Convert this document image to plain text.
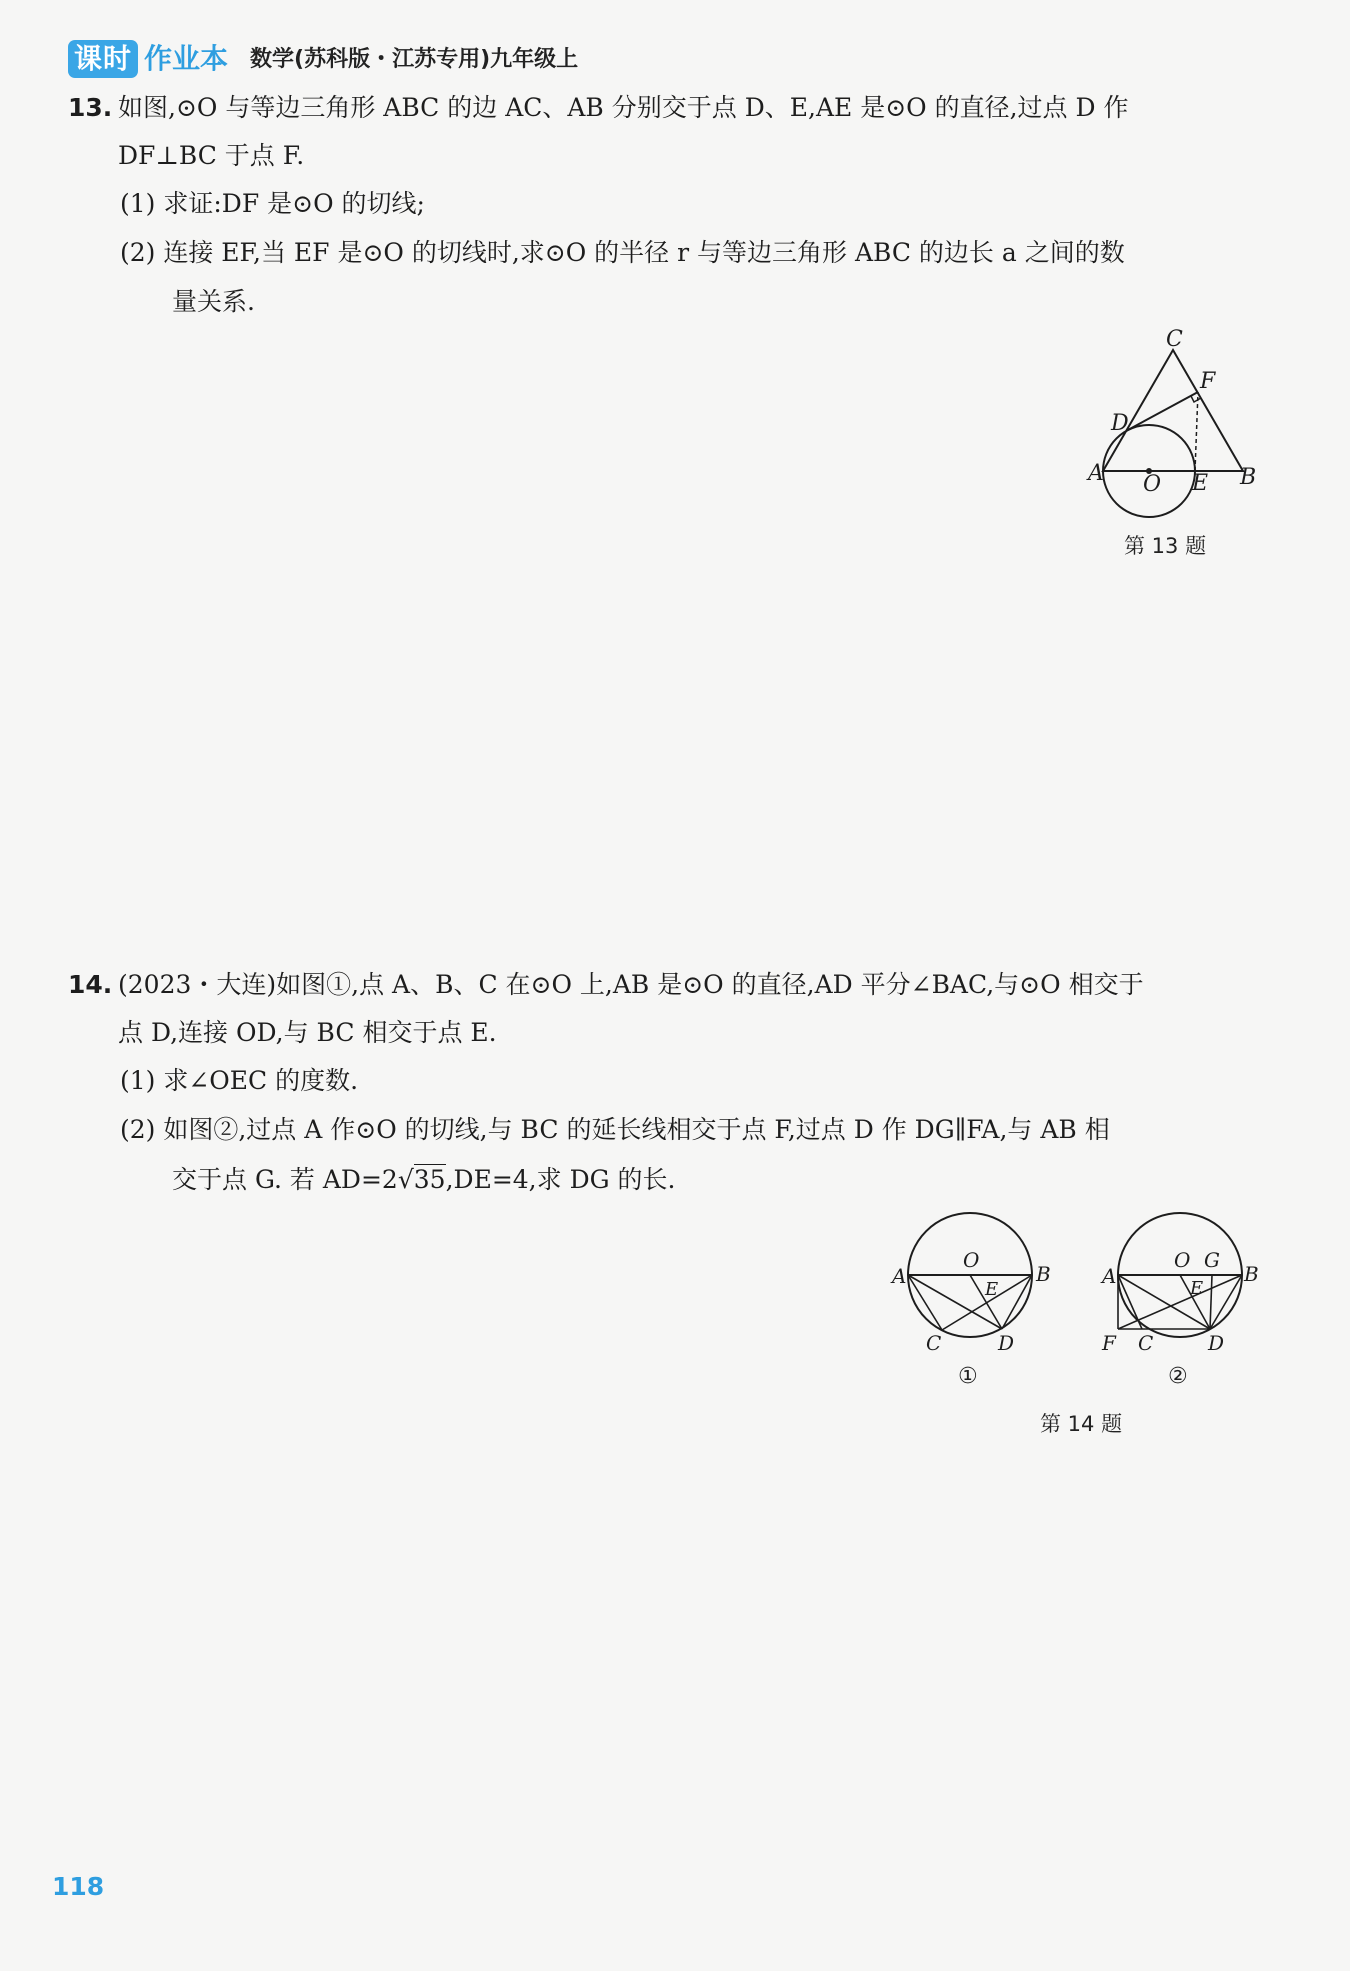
课时 作业本 数学(苏科版・江苏专用)九年级上
13. 如图,⊙O 与等边三角形 ABC 的边 AC、AB 分别交于点 D、E,AE 是⊙O 的直径,过点 D 作
DF⊥BC 于点 F.
(1) 求证:DF 是⊙O 的切线;
(2) 连接 EF,当 EF 是⊙O 的切线时,求⊙O 的半径 r 与等边三角形 ABC 的边长 a 之间的数
量关系.
C
F
D
A O E B
第 13 题
14. (2023・大连)如图①,点 A、B、C 在⊙O 上,AB 是⊙O 的直径,AD 平分∠BAC,与⊙O 相交于
点 D,连接 OD,与 BC 相交于点 E.
(1) 求∠OEC 的度数.
(2) 如图②,过点 A 作⊙O 的切线,与 BC 的延长线相交于点 F,过点 D 作 DG∥FA,与 AB 相
交于点 G. 若 AD=2√35,DE=4,求 DG 的长.
A
O
B
E
C	D
A
O G
B
E
F C	D
①	②
第 14 题
118
